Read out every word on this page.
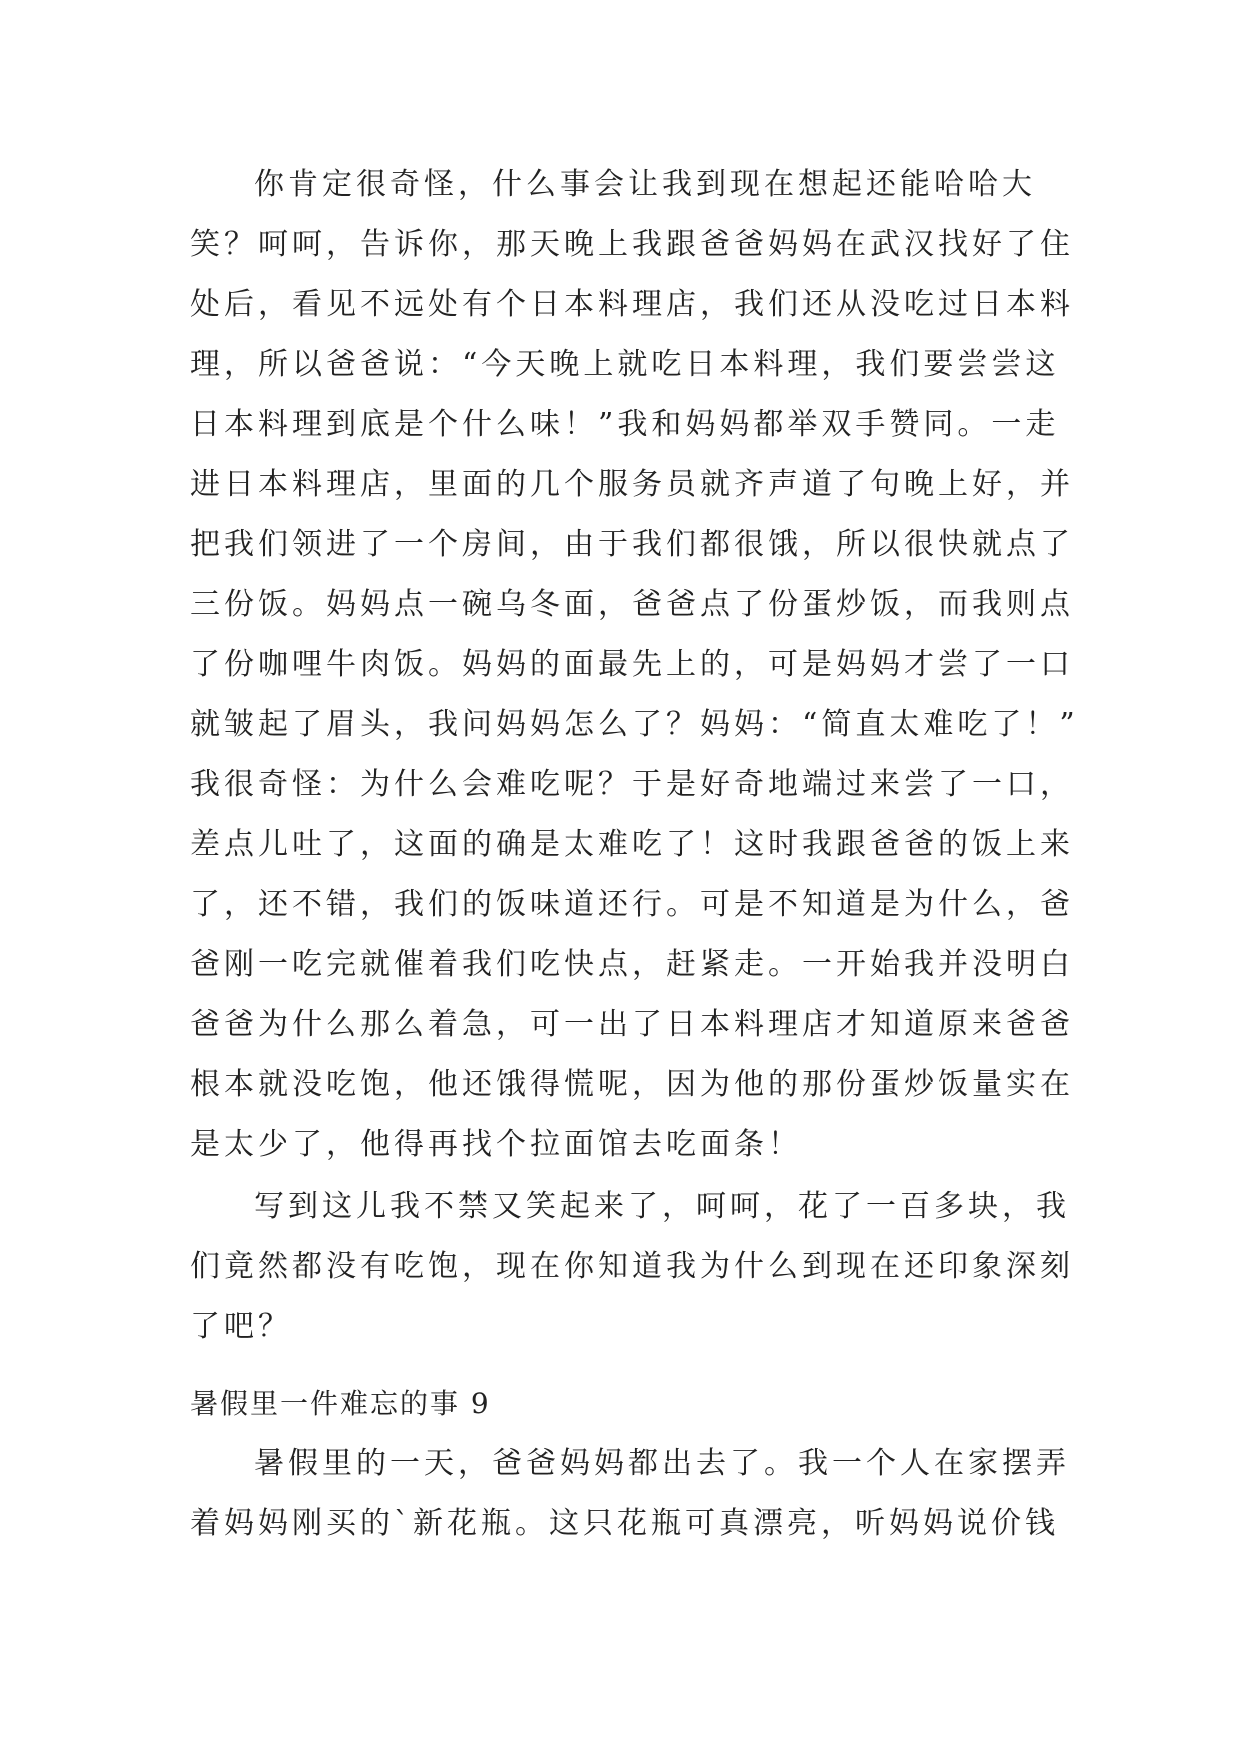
你肯定很奇怪，什么事会让我到现在想起还能哈哈大
笑？呵呵，告诉你，那天晚上我跟爸爸妈妈在武汉找好了住
处后，看见不远处有个日本料理店，我们还从没吃过日本料
理，所以爸爸说：“今天晚上就吃日本料理，我们要尝尝这
日本料理到底是个什么味！”我和妈妈都举双手赞同。一走
进日本料理店，里面的几个服务员就齐声道了句晚上好，并
把我们领进了一个房间，由于我们都很饿，所以很快就点了
三份饭。妈妈点一碗乌冬面，爸爸点了份蛋炒饭，而我则点
了份咖哩牛肉饭。妈妈的面最先上的，可是妈妈才尝了一口
就皱起了眉头，我问妈妈怎么了？妈妈：“简直太难吃了！”
我很奇怪：为什么会难吃呢？于是好奇地端过来尝了一口，
差点儿吐了，这面的确是太难吃了！这时我跟爸爸的饭上来
了，还不错，我们的饭味道还行。可是不知道是为什么，爸
爸刚一吃完就催着我们吃快点，赶紧走。一开始我并没明白
爸爸为什么那么着急，可一出了日本料理店才知道原来爸爸
根本就没吃饱，他还饿得慌呢，因为他的那份蛋炒饭量实在
是太少了，他得再找个拉面馆去吃面条！
写到这儿我不禁又笑起来了，呵呵，花了一百多块，我
们竟然都没有吃饱，现在你知道我为什么到现在还印象深刻
了吧？
暑假里一件难忘的事 9
暑假里的一天，爸爸妈妈都出去了。我一个人在家摆弄
着妈妈刚买的`新花瓶。这只花瓶可真漂亮，听妈妈说价钱
